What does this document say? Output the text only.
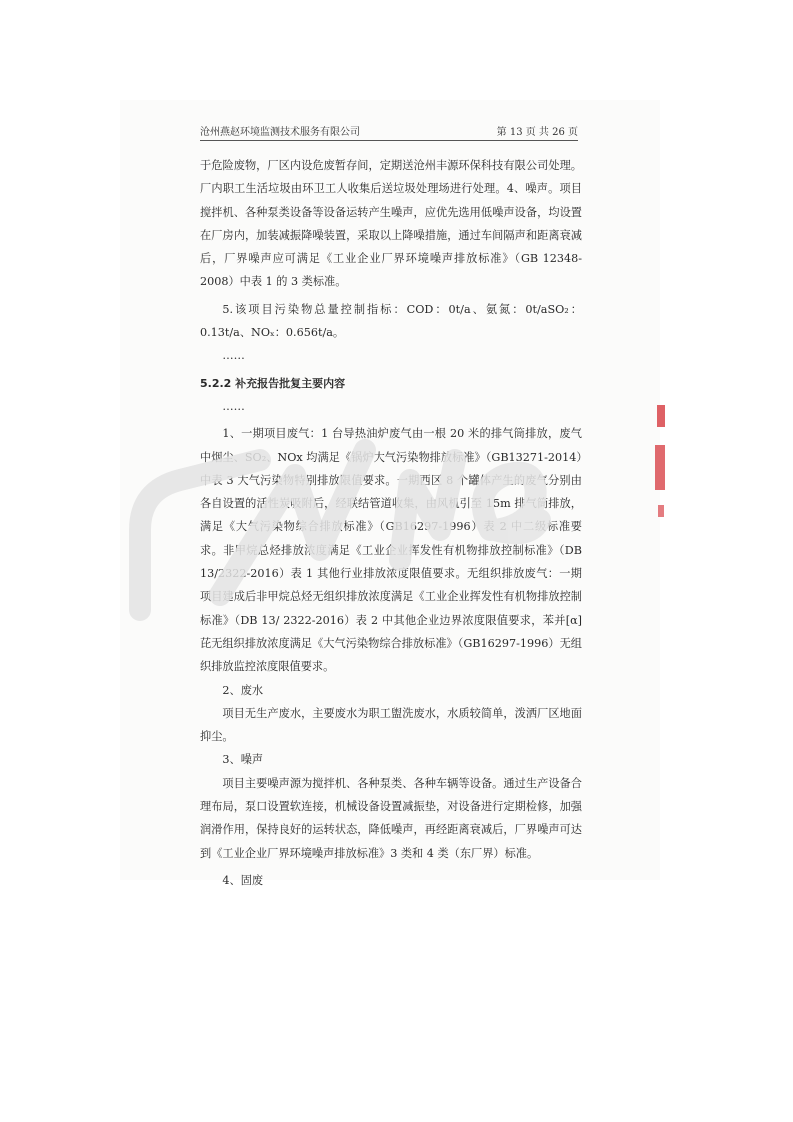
沧州燕赵环境监测技术服务有限公司	第 13 页 共 26 页

于危险废物，厂区内设危废暂存间，定期送沧州丰源环保科技有限公司处理。厂内职工生活垃圾由环卫工人收集后送垃圾处理场进行处理。4、噪声。项目搅拌机、各种泵类设备等设备运转产生噪声，应优先选用低噪声设备，均设置在厂房内，加装减振降噪装置，采取以上降噪措施，通过车间隔声和距离衰减后，厂界噪声应可满足《工业企业厂界环境噪声排放标准》（GB 12348-2008）中表 1 的 3 类标准。

5.该项目污染物总量控制指标：COD：0t/a、氨氮：0t/aSO₂：0.13t/a、NOₓ：0.656t/a。

……

5.2.2 补充报告批复主要内容

……

1、一期项目废气：1 台导热油炉废气由一根 20 米的排气筒排放，废气中烟尘、SO₂、NOx 均满足《锅炉大气污染物排放标准》（GB13271-2014）中表 3 大气污染物特别排放限值要求。一期西区 8 个罐体产生的废气分别由各自设置的活性炭吸附后，经联结管道收集，由风机引至 15m 排气筒排放，满足《大气污染物综合排放标准》（GB16297-1996）表 2 中二级标准要求。非甲烷总烃排放浓度满足《工业企业挥发性有机物排放控制标准》（DB 13/2322-2016）表 1 其他行业排放浓度限值要求。无组织排放废气：一期项目建成后非甲烷总烃无组织排放浓度满足《工业企业挥发性有机物排放控制标准》（DB 13/ 2322-2016）表 2 中其他企业边界浓度限值要求，苯并[α]芘无组织排放浓度满足《大气污染物综合排放标准》（GB16297-1996）无组织排放监控浓度限值要求。

2、废水

项目无生产废水，主要废水为职工盥洗废水，水质较简单，泼洒厂区地面抑尘。

3、噪声

项目主要噪声源为搅拌机、各种泵类、各种车辆等设备。通过生产设备合理布局，泵口设置软连接，机械设备设置减振垫，对设备进行定期检修，加强润滑作用，保持良好的运转状态，降低噪声，再经距离衰减后，厂界噪声可达到《工业企业厂界环境噪声排放标准》3 类和 4 类（东厂界）标准。

4、固废
